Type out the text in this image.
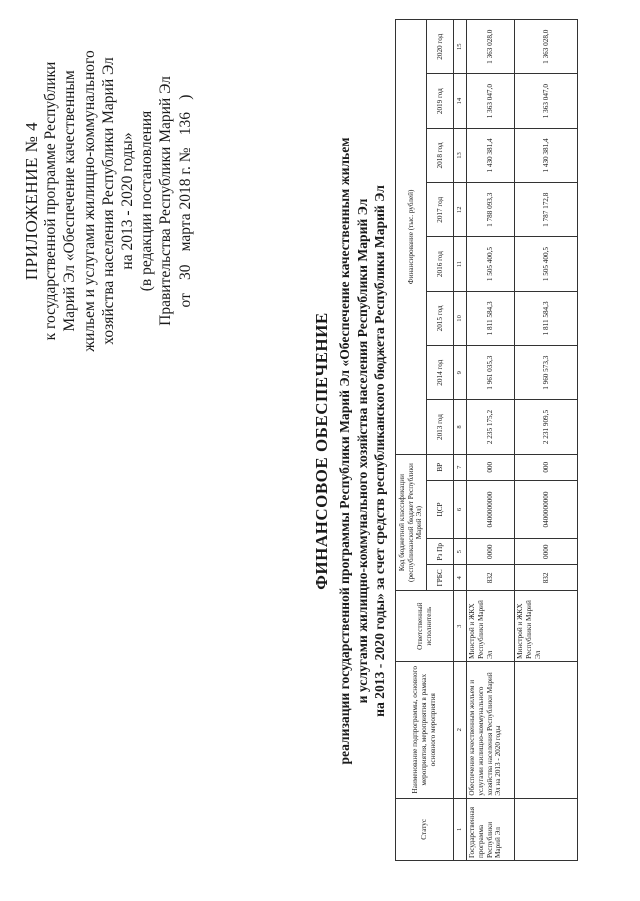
ПРИЛОЖЕНИЕ № 4 к государственной программе Республики Марий Эл «Обеспечение качественным жильем и услугами жилищно-коммунального хозяйства населения Республики Марий Эл на 2013 - 2020 годы» (в редакции постановления Правительства Республики Марий Эл от 30 марта 2018 г. № 136 )
ФИНАНСОВОЕ ОБЕСПЕЧЕНИЕ реализации государственной программы Республики Марий Эл «Обеспечение качественным жильем и услугами жилищно-коммунального хозяйства населения Республики Марий Эл на 2013 - 2020 годы» за счет средств республиканского бюджета Республики Марий Эл
Статус	Наименование подпрограммы, основного мероприятия, мероприятия в рамках основного мероприятия	Ответственный исполнитель	Код бюджетной классификации (республиканский бюджет Республики Марий Эл)				Финансирование (тыс. рублей)							
			ГРБС	Рз Пр	ЦСР	ВР	2013 год	2014 год	2015 год	2016 год	2017 год	2018 год	2019 год	2020 год
1	2	3	4	5	6	7	8	9	10	11	12	13	14	15
Государственная программа Республики Марий Эл	Обеспечение качественным жильем и услугами жилищно-коммунального хозяйства населения Республики Марий Эл на 2013 - 2020 годы	Минстрой и ЖКХ Республики Марий Эл	832	0000	0400000000	000	2 235 175,2	1 961 035,3	1 811 584,3	1 505 400,5	1 788 093,3	1 430 381,4	1 363 047,0	1 363 028,0
		Минстрой и ЖКХ Республики Марий Эл	832	0000	0400000000	000	2 231 909,5	1 960 573,3	1 811 584,3	1 505 400,5	1 787 172,8	1 430 381,4	1 363 047,0	1 363 028,0
